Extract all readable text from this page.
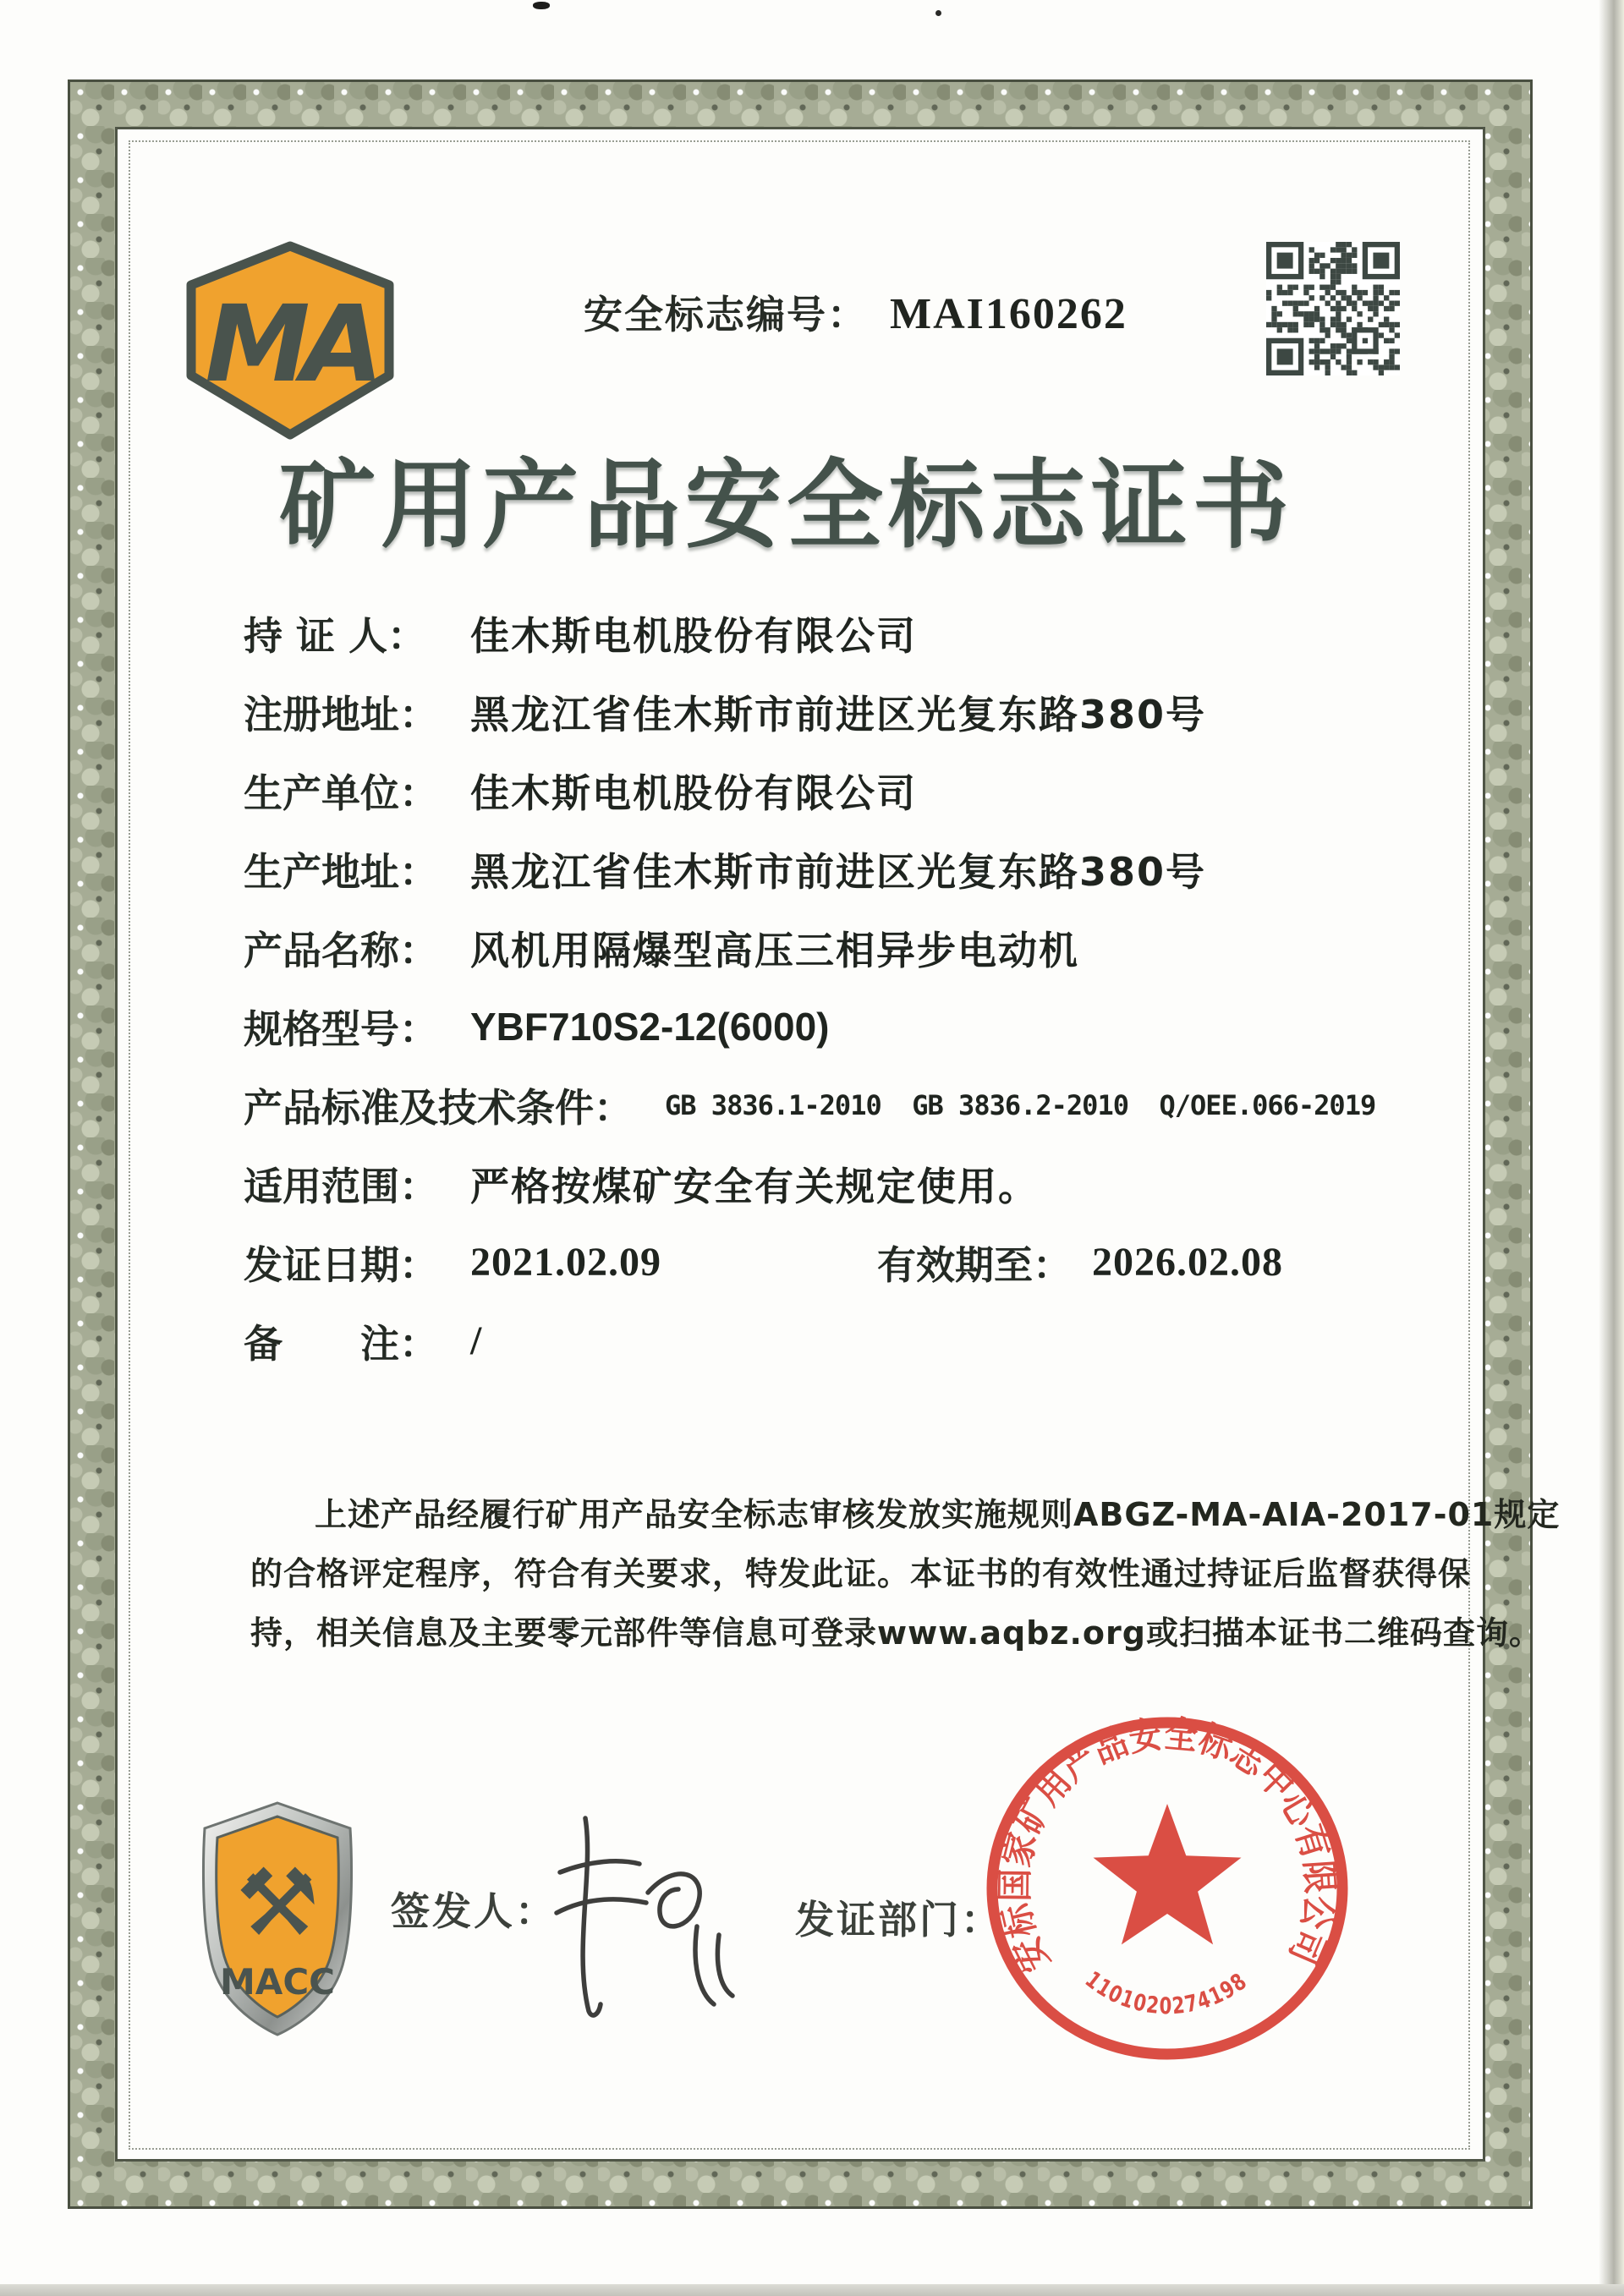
MA	安全标志编号： MAI160262
矿用产品安全标志证书
持 证 人：	佳木斯电机股份有限公司
注册地址： 黑龙江省佳木斯市前进区光复东路380号
生产单位： 佳木斯电机股份有限公司
生产地址： 黑龙江省佳木斯市前进区光复东路380号
产品名称： 风机用隔爆型高压三相异步电动机
规格型号： YBF710S2-12(6000)
产品标准及技术条件： GB 3836.1-2010  GB 3836.2-2010  Q/OEE.066-2019
适用范围： 严格按煤矿安全有关规定使用。
发证日期： 2021.02.09	有效期至： 2026.02.08
备　　注： /
上述产品经履行矿用产品安全标志审核发放实施规则ABGZ-MA-AIA-2017-01规定
的合格评定程序，符合有关要求，特发此证。本证书的有效性通过持证后监督获得保
持，相关信息及主要零元部件等信息可登录www.aqbz.org或扫描本证书二维码查询。
⚒
MACC
签发人：	发证部门：
安标国家矿用产品安全标志中心有限公司
1101020274198
